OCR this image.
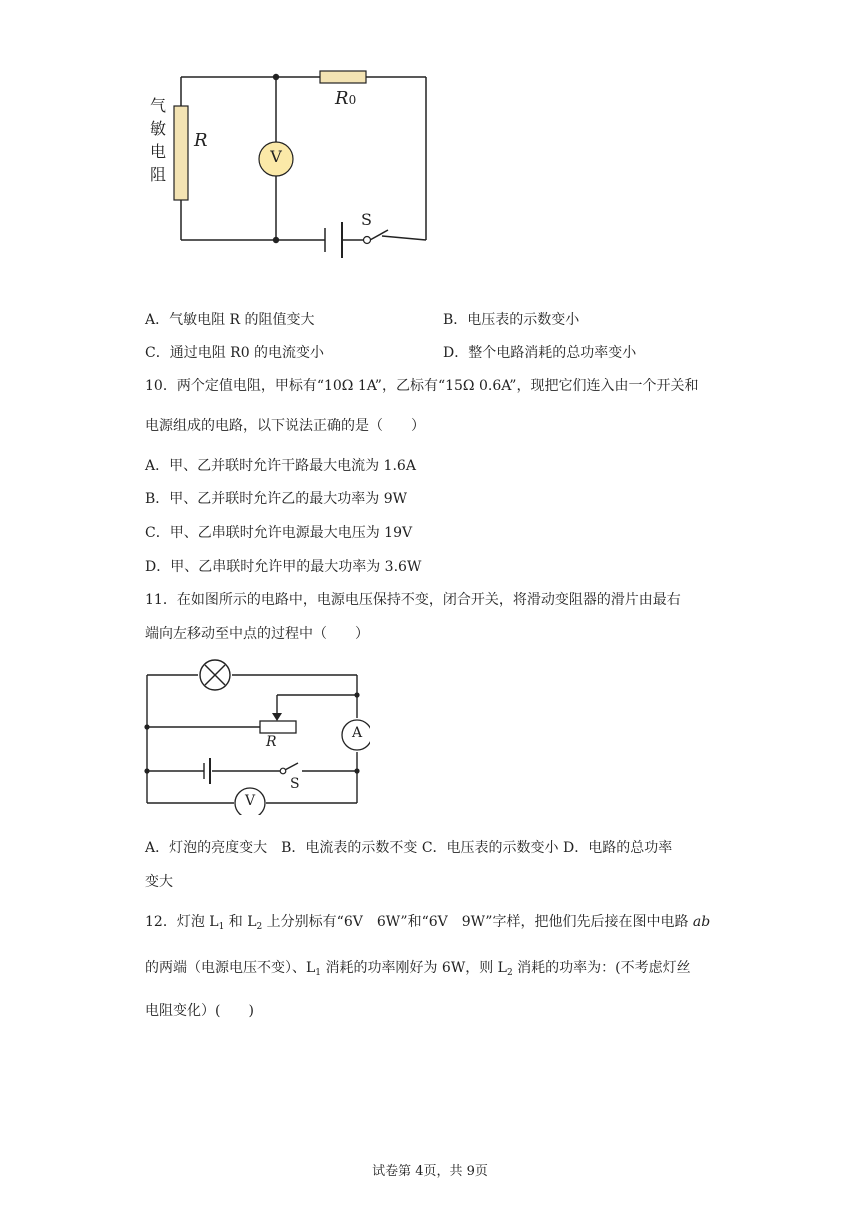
气
敏
电
阻
R
R0
V
S
A．气敏电阻 R 的阻值变大	B．电压表的示数变小
C．通过电阻 R0 的电流变小	D．整个电路消耗的总功率变小
10．两个定值电阻，甲标有“10Ω 1A”，乙标有“15Ω 0.6A”，现把它们连入由一个开关和
电源组成的电路，以下说法正确的是（　　）
A．甲、乙并联时允许干路最大电流为 1.6A
B．甲、乙并联时允许乙的最大功率为 9W
C．甲、乙串联时允许电源最大电压为 19V
D．甲、乙串联时允许甲的最大功率为 3.6W
11．在如图所示的电路中，电源电压保持不变，闭合开关，将滑动变阻器的滑片由最右
端向左移动至中点的过程中（　　）
R
A
V
S
A．灯泡的亮度变大　B．电流表的示数不变 C．电压表的示数变小 D．电路的总功率
变大
12．灯泡 $L_1$ 和 $L_2$ 上分别标有“6V　6W”和“6V　9W”字样，把他们先后接在图中电路 ab
的两端（电源电压不变）、$L_1$ 消耗的功率刚好为 6W，则 $L_2$ 消耗的功率为：(不考虑灯丝
电阻变化）(　　)
试卷第 4页，共 9页
